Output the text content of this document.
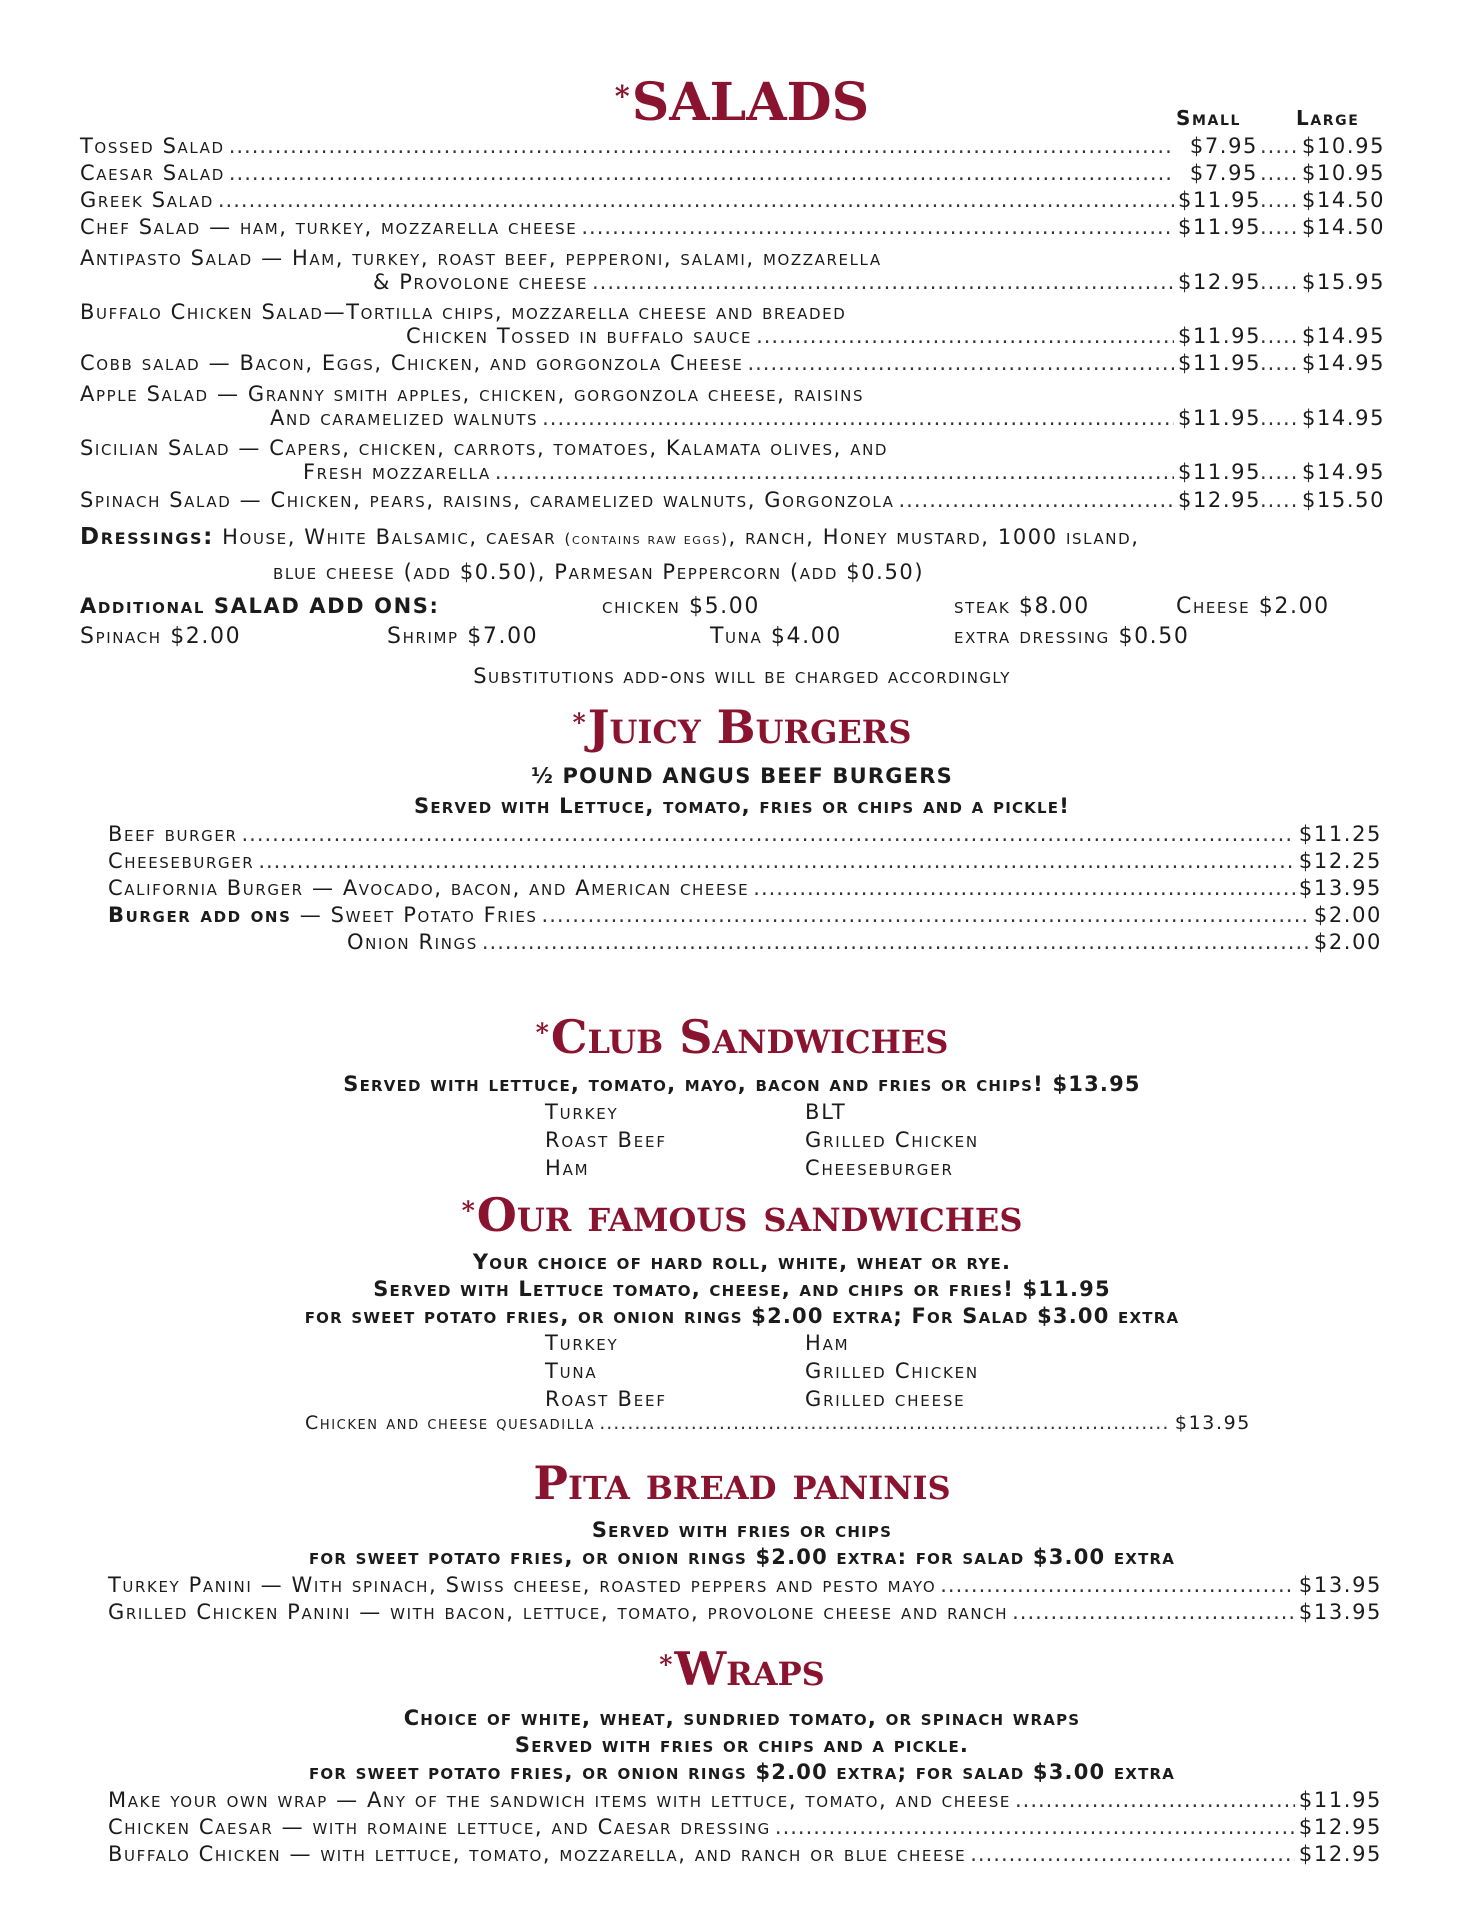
*SALADS	Small	Large
Tossed Salad .....	$7.95 ...... $10.95
Caesar Salad .....	$7.95 ...... $10.95
Greek Salad .....	$11.95 ...... $14.50
Chef Salad — ham, turkey, mozzarella cheese .....	$11.95 ...... $14.50
Antipasto Salad — Ham, turkey, roast beef, pepperoni, salami, mozzarella
& Provolone cheese .....	$12.95 ...... $15.95
Buffalo Chicken Salad—Tortilla chips, mozzarella cheese and breaded
Chicken Tossed in buffalo sauce .....	$11.95 ...... $14.95
Cobb salad — Bacon, Eggs, Chicken, and gorgonzola Cheese .....	$11.95 ...... $14.95
Apple Salad — Granny smith apples, chicken, gorgonzola cheese, raisins
And caramelized walnuts .....	$11.95 ...... $14.95
Sicilian Salad — Capers, chicken, carrots, tomatoes, Kalamata olives, and
Fresh mozzarella .....	$11.95 ...... $14.95
Spinach Salad — Chicken, pears, raisins, caramelized walnuts, Gorgonzola .....	$12.95 ...... $15.50
Dressings: House, White Balsamic, caesar (contains raw eggs), ranch, Honey mustard, 1000 island,
blue cheese (add $0.50), Parmesan Peppercorn (add $0.50)
Additional SALAD ADD ONS:	chicken $5.00	steak $8.00	Cheese $2.00
Spinach $2.00	Shrimp $7.00	Tuna $4.00	extra dressing $0.50
Substitutions add-ons will be charged accordingly
*Juicy Burgers
½ POUND ANGUS BEEF BURGERS
Served with Lettuce, tomato, fries or chips and a pickle!
Beef burger .....	$11.25
Cheeseburger .....	$12.25
California Burger — Avocado, bacon, and American cheese .....	$13.95
Burger add ons — Sweet Potato Fries .....	$2.00
Onion Rings .....	$2.00
*Club Sandwiches
Served with lettuce, tomato, mayo, bacon and fries or chips! $13.95
Turkey
Roast Beef
Ham
BLT
Grilled Chicken
Cheeseburger
*Our famous sandwiches
Your choice of hard roll, white, wheat or rye.
Served with Lettuce tomato, cheese, and chips or fries! $11.95
for sweet potato fries, or onion rings $2.00 extra; For Salad $3.00 extra
Turkey
Tuna
Roast Beef
Ham
Grilled Chicken
Grilled cheese
Chicken and cheese quesadilla .....	$13.95
Pita bread paninis
Served with fries or chips
for sweet potato fries, or onion rings $2.00 extra: for salad $3.00 extra
Turkey Panini — With spinach, Swiss cheese, roasted peppers and pesto mayo .....	$13.95
Grilled Chicken Panini — with bacon, lettuce, tomato, provolone cheese and ranch .....	$13.95
*Wraps
Choice of white, wheat, sundried tomato, or spinach wraps
Served with fries or chips and a pickle.
for sweet potato fries, or onion rings $2.00 extra; for salad $3.00 extra
Make your own wrap — Any of the sandwich items with lettuce, tomato, and cheese .....	$11.95
Chicken Caesar — with romaine lettuce, and Caesar dressing .....	$12.95
Buffalo Chicken — with lettuce, tomato, mozzarella, and ranch or blue cheese .....	$12.95
